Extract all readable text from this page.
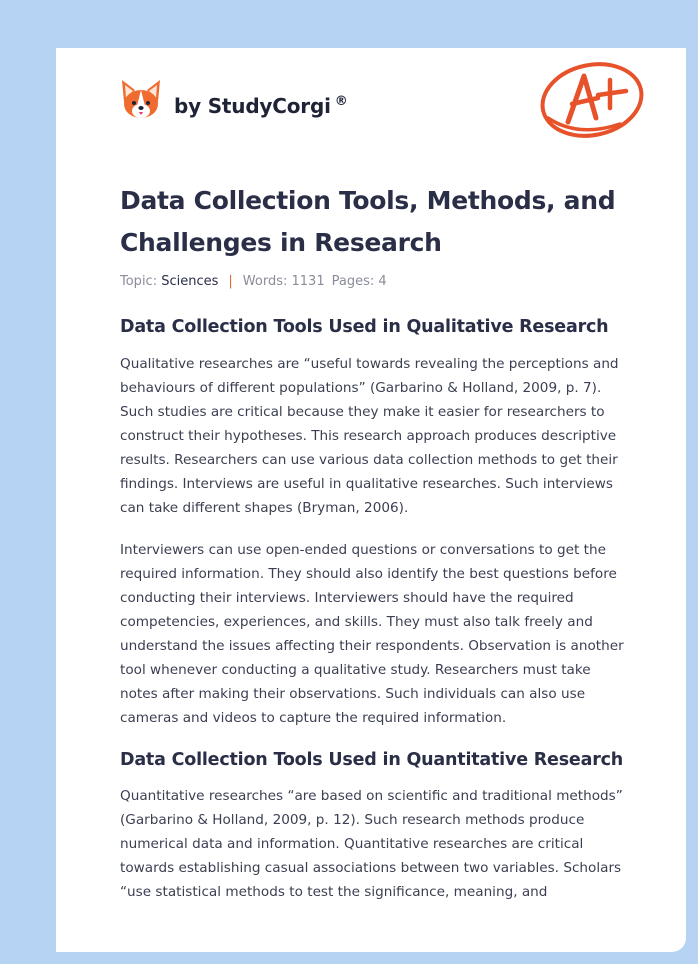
by StudyCorgi ®
Data Collection Tools, Methods, and Challenges in Research
Topic: Sciences | Words: 1131 Pages: 4
Data Collection Tools Used in Qualitative Research

Qualitative researches are “useful towards revealing the perceptions and behaviours of different populations” (Garbarino & Holland, 2009, p. 7). Such studies are critical because they make it easier for researchers to construct their hypotheses. This research approach produces descriptive results. Researchers can use various data collection methods to get their findings. Interviews are useful in qualitative researches. Such interviews can take different shapes (Bryman, 2006).

Interviewers can use open-ended questions or conversations to get the required information. They should also identify the best questions before conducting their interviews. Interviewers should have the required competencies, experiences, and skills. They must also talk freely and understand the issues affecting their respondents. Observation is another tool whenever conducting a qualitative study. Researchers must take notes after making their observations. Such individuals can also use cameras and videos to capture the required information.

Data Collection Tools Used in Quantitative Research

Quantitative researches “are based on scientific and traditional methods” (Garbarino & Holland, 2009, p. 12). Such research methods produce numerical data and information. Quantitative researches are critical towards establishing casual associations between two variables. Scholars “use statistical methods to test the significance, meaning, and
